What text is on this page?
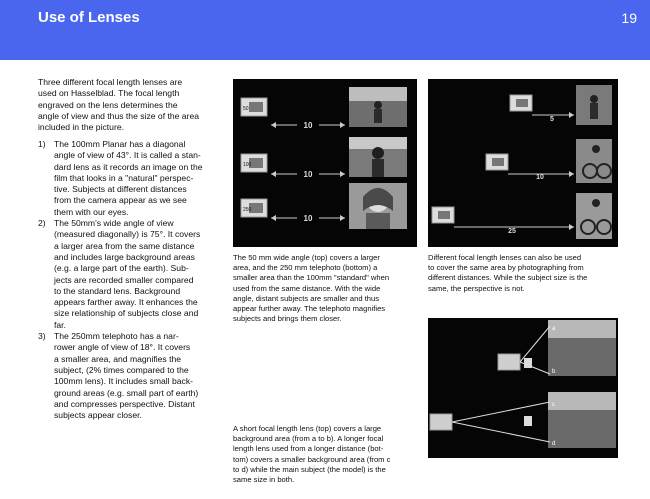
Use of Lenses	19
Three different focal length lenses are
used on Hasselblad. The focal length
engraved on the lens determines the
angle of view and thus the size of the area
included in the picture.
1) The 100mm Planar has a diagonal
angle of view of 43°. It is called a stan-
dard lens as it records an image on the
film that looks in a "natural" perspec-
tive. Subjects at different distances
from the camera appear as we see
them with our eyes.
2) The 50mm's wide angle of view
(measured diagonally) is 75°. It covers
a larger area from the same distance
and includes large background areas
(e.g. a large part of the earth). Sub-
jects are recorded smaller compared
to the standard lens. Background
appears farther away. It enhances the
size relationship of subjects close and
far.
3) The 250mm telephoto has a nar-
rower angle of view of 18°. It covers
a smaller area, and magnifies the
subject, (2% times compared to the
100mm lens). It includes small back-
ground areas (e.g. small part of earth)
and compresses perspective. Distant
subjects appear closer.
50
10
100
10
250
10
The 50 mm wide angle (top) covers a larger
area, and the 250 mm telephoto (bottom) a
smaller area than the 100mm "standard" when
used from the same distance. With the wide
angle, distant subjects are smaller and thus
appear further away. The telephoto magnifies
subjects and brings them closer.
5
10
25
Different focal length lenses can also be used
to cover the same area by photographing from
different distances. While the subject size is the
same, the perspective is not.
a
b
c
d
A short focal length lens (top) covers a large
background area (from a to b). A longer focal
length lens used from a longer distance (bot-
tom) covers a smaller background area (from c
to d) while the main subject (the model) is the
same size in both.
